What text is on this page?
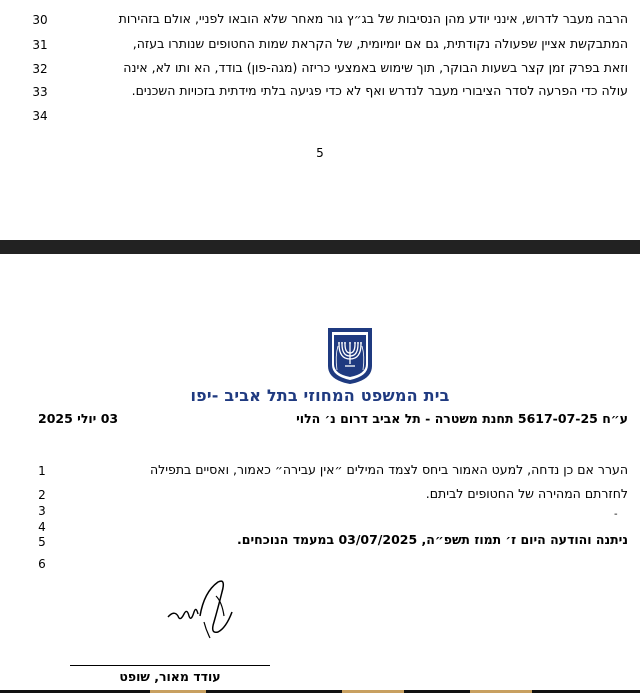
30	הרבה מעבר לדרוש, אינני יודע מהן הנסיבות של בג״ץ גור מאחר שלא הובאו לפניי, אולם בזהירות
31	המתבקשת אציין שפעולה נקודתית, גם אם יומיומית, של הקראת שמות החטופים שנותרו בעזה,
32	וזאת בפרק זמן קצר בשעות הבוקר, תוך שימוש באמצעי כריזה (מגה-פון) בודד, הא ותו לא, אינה
33	עולה כדי הפרעה לסדר הציבורי מעבר לנדרש ואף לא כדי פגיעה בלתי מידתית בזכויות השכנים.
34
5
בית המשפט המחוזי בתל אביב -יפו
ע״ח 5617-07-25 תחנת משטרה - תל אביב דרום נ׳ הלוי
03 יולי 2025
1	הערר אם כן נדחה, למעט האמור ביחס לצמד המילים ״אין עבירה״ כאמור, ואסיים בתפילה
2	לחזרתם המהירה של החטופים לביתם.
3	-
4
5	ניתנה והודעה היום ז׳ תמוז תשפ״ה, 03/07/2025 במעמד הנוכחים.
6
עודד מאור, שופט
